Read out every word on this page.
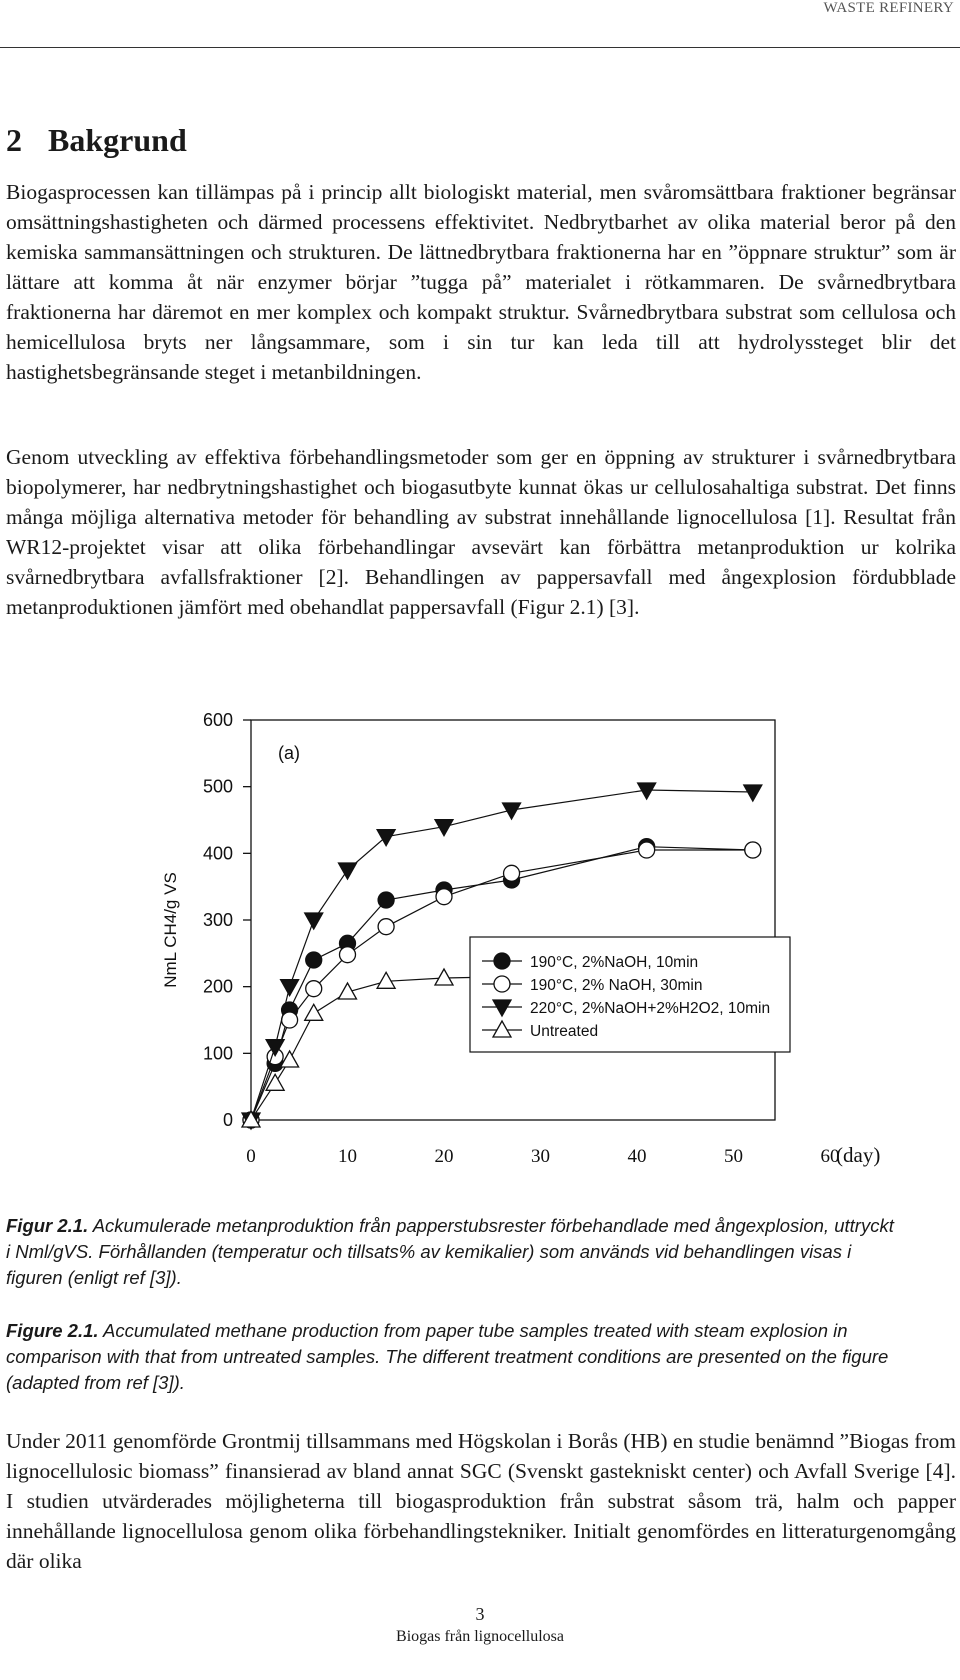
WASTE REFINERY
2 Bakgrund

Biogasprocessen kan tillämpas på i princip allt biologiskt material, men svåromsättbara fraktioner begränsar omsättningshastigheten och därmed processens effektivitet. Nedbrytbarhet av olika material beror på den kemiska sammansättningen och strukturen. De lättnedbrytbara fraktionerna har en ”öppnare struktur” som är lättare att komma åt när enzymer börjar ”tugga på” materialet i rötkammaren. De svårnedbrytbara fraktionerna har däremot en mer komplex och kompakt struktur. Svårnedbrytbara substrat som cellulosa och hemicellulosa bryts ner långsammare, som i sin tur kan leda till att hydrolyssteget blir det hastighetsbegränsande steget i metanbildningen.

Genom utveckling av effektiva förbehandlingsmetoder som ger en öppning av strukturer i svårnedbrytbara biopolymerer, har nedbrytningshastighet och biogasutbyte kunnat ökas ur cellulosahaltiga substrat. Det finns många möjliga alternativa metoder för behandling av substrat innehållande lignocellulosa [1]. Resultat från WR12-projektet visar att olika förbehandlingar avsevärt kan förbättra metanproduktion ur kolrika svårnedbrytbara avfallsfraktioner [2]. Behandlingen av pappersavfall med ångexplosion fördubblade metanproduktionen jämfört med obehandlat pappersavfall (Figur 2.1) [3].

0
100
200
300
400
500
600
0	10	20	30	40	50	60
190°C, 2%NaOH, 10min
190°C, 2% NaOH, 30min
220°C, 2%NaOH+2%H2O2, 10min
Untreated
(a)
NmL CH4/g VS
(day)

Figur 2.1. Ackumulerade metanproduktion från papperstubsrester förbehandlade med ångexplosion, uttryckt i Nml/gVS. Förhållanden (temperatur och tillsats% av kemikalier) som används vid behandlingen visas i figuren (enligt ref [3]).

Figure 2.1. Accumulated methane production from paper tube samples treated with steam explosion in comparison with that from untreated samples. The different treatment conditions are presented on the figure (adapted from ref [3]).

Under 2011 genomförde Grontmij tillsammans med Högskolan i Borås (HB) en studie benämnd ”Biogas from lignocellulosic biomass” finansierad av bland annat SGC (Svenskt gastekniskt center) och Avfall Sverige [4]. I studien utvärderades möjligheterna till biogasproduktion från substrat såsom trä, halm och papper innehållande lignocellulosa genom olika förbehandlingstekniker. Initialt genomfördes en litteraturgenomgång där olika

3
Biogas från lignocellulosa
